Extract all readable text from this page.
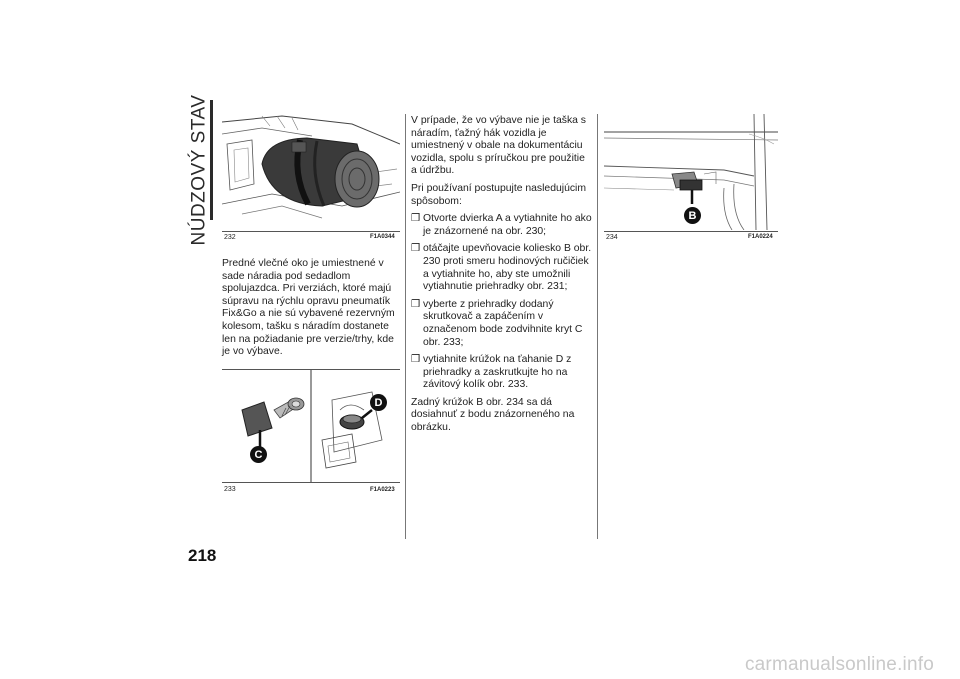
NÚDZOVÝ STAV 232	F1A0344

Predné vlečné oko je umiestnené v sade náradia pod sedadlom spolujazdca. Pri verziách, ktoré majú súpravu na rýchlu opravu pneumatík Fix&Go a nie sú vybavené rezervným kolesom, tašku s náradím dostanete len na požiadanie pre verzie/trhy, kde je vo výbave.

C
D
233	F1A0223

V prípade, že vo výbave nie je taška s náradím, ťažný hák vozidla je umiestnený v obale na dokumentáciu vozidla, spolu s príručkou pre použitie a údržbu.

Pri používaní postupujte nasledujúcim spôsobom:

❒ Otvorte dvierka A a vytiahnite ho ako je znázornené na obr. 230;
❒ otáčajte upevňovacie koliesko B obr. 230 proti smeru hodinových ručičiek a vytiahnite ho, aby ste umožnili vytiahnutie priehradky obr. 231;
❒ vyberte z priehradky dodaný skrutkovač a zapáčením v označenom bode zodvihnite kryt C obr. 233;
❒ vytiahnite krúžok na ťahanie D z priehradky a zaskrutkujte ho na závitový kolík obr. 233.

Zadný krúžok B obr. 234 sa dá dosiahnuť z bodu znázorneného na obrázku.

B
234	F1A0224
218
carmanualsonline.info
